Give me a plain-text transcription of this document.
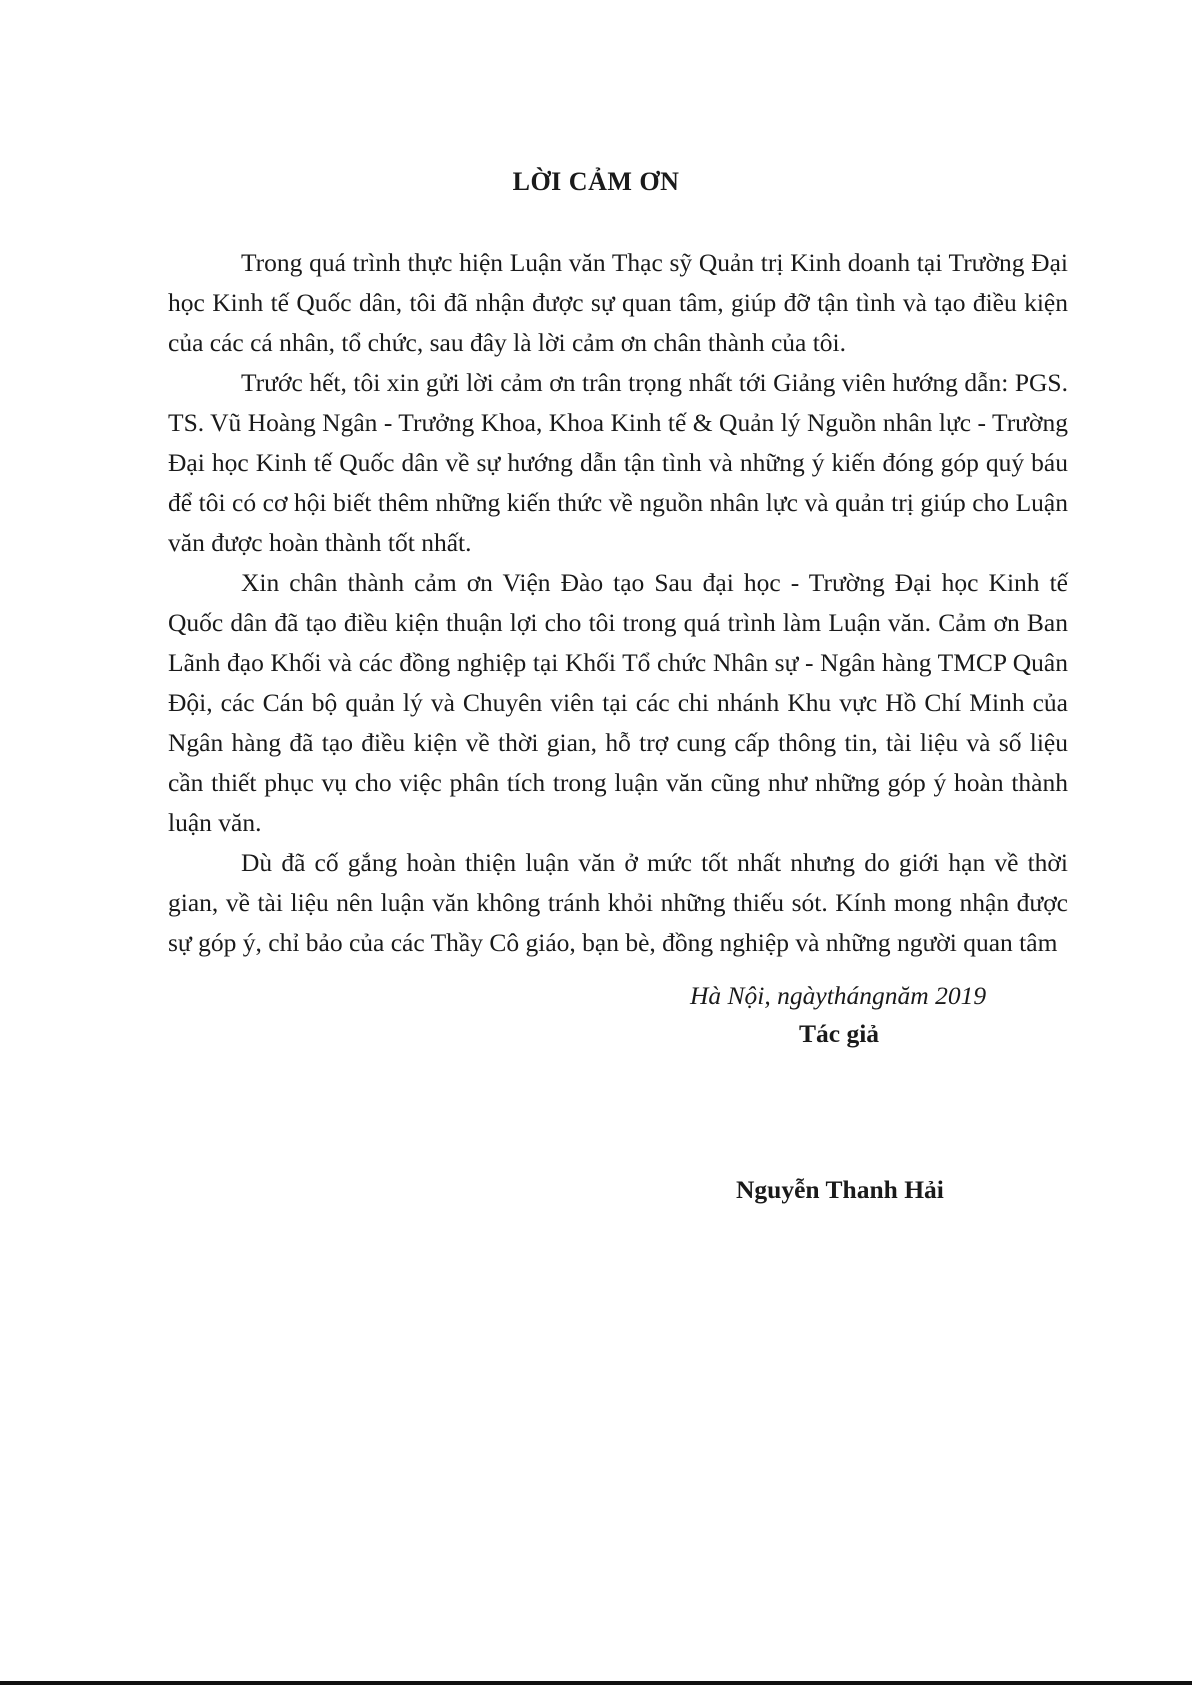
LỜI CẢM ƠN

Trong quá trình thực hiện Luận văn Thạc sỹ Quản trị Kinh doanh tại Trường Đại học Kinh tế Quốc dân, tôi đã nhận được sự quan tâm, giúp đỡ tận tình và tạo điều kiện của các cá nhân, tổ chức, sau đây là lời cảm ơn chân thành của tôi.

Trước hết, tôi xin gửi lời cảm ơn trân trọng nhất tới Giảng viên hướng dẫn: PGS. TS. Vũ Hoàng Ngân - Trưởng Khoa, Khoa Kinh tế & Quản lý Nguồn nhân lực - Trường Đại học Kinh tế Quốc dân về sự hướng dẫn tận tình và những ý kiến đóng góp quý báu để tôi có cơ hội biết thêm những kiến thức về nguồn nhân lực và quản trị giúp cho Luận văn được hoàn thành tốt nhất.

Xin chân thành cảm ơn Viện Đào tạo Sau đại học - Trường Đại học Kinh tế Quốc dân đã tạo điều kiện thuận lợi cho tôi trong quá trình làm Luận văn. Cảm ơn Ban Lãnh đạo Khối và các đồng nghiệp tại Khối Tổ chức Nhân sự - Ngân hàng TMCP Quân Đội, các Cán bộ quản lý và Chuyên viên tại các chi nhánh Khu vực Hồ Chí Minh của Ngân hàng đã tạo điều kiện về thời gian, hỗ trợ cung cấp thông tin, tài liệu và số liệu cần thiết phục vụ cho việc phân tích trong luận văn cũng như những góp ý hoàn thành luận văn.

Dù đã cố gắng hoàn thiện luận văn ở mức tốt nhất nhưng do giới hạn về thời gian, về tài liệu nên luận văn không tránh khỏi những thiếu sót. Kính mong nhận được sự góp ý, chỉ bảo của các Thầy Cô giáo, bạn bè, đồng nghiệp và những người quan tâm

Hà Nội, ngàythángnăm 2019
Tác giả
Nguyễn Thanh Hải
